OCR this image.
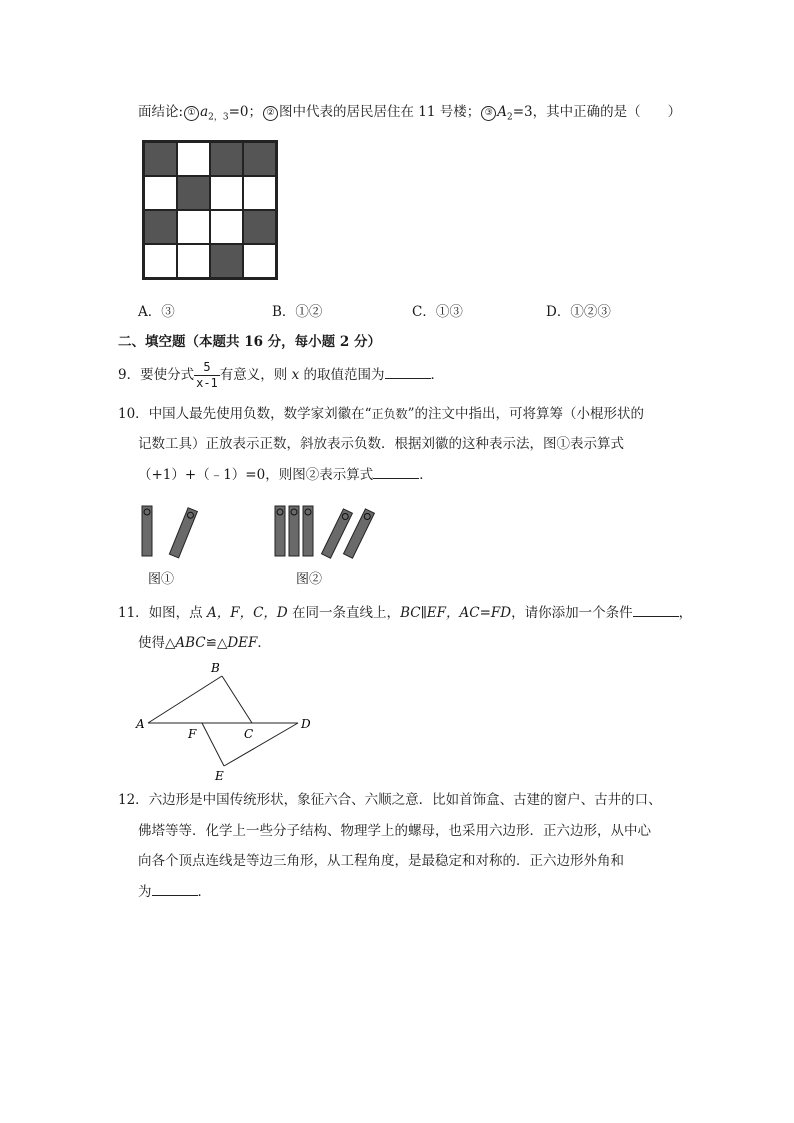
面结论: ① $a_{2,3}=0$； ② 图中代表的居民居住在 11 号楼； ③ $A_2=3$，其中正确的是（　　）
A．③	B．①②	C．①③	D．①②③
二、填空题（本题共 16 分，每小题 2 分）
9．要使分式 $\frac{5}{x-1}$ 有意义，则 x 的取值范围为	．
10．中国人最先使用负数，数学家刘徽在“正负数”的注文中指出，可将算筹（小棍形状的
记数工具）正放表示正数，斜放表示负数．根据刘徽的这种表示法，图①表示算式
（+1）+（﹣1）=0，则图②表示算式	．
图①	图②
11．如图，点 A，F，C，D 在同一条直线上，BC∥EF，AC=FD，请你添加一个条件	，
使得△ABC≌△DEF．
A
B
C
D
E
F
12．六边形是中国传统形状，象征六合、六顺之意．比如首饰盒、古建的窗户、古井的口、
佛塔等等．化学上一些分子结构、物理学上的螺母，也采用六边形．正六边形，从中心
向各个顶点连线是等边三角形，从工程角度，是最稳定和对称的．正六边形外角和
为	．
